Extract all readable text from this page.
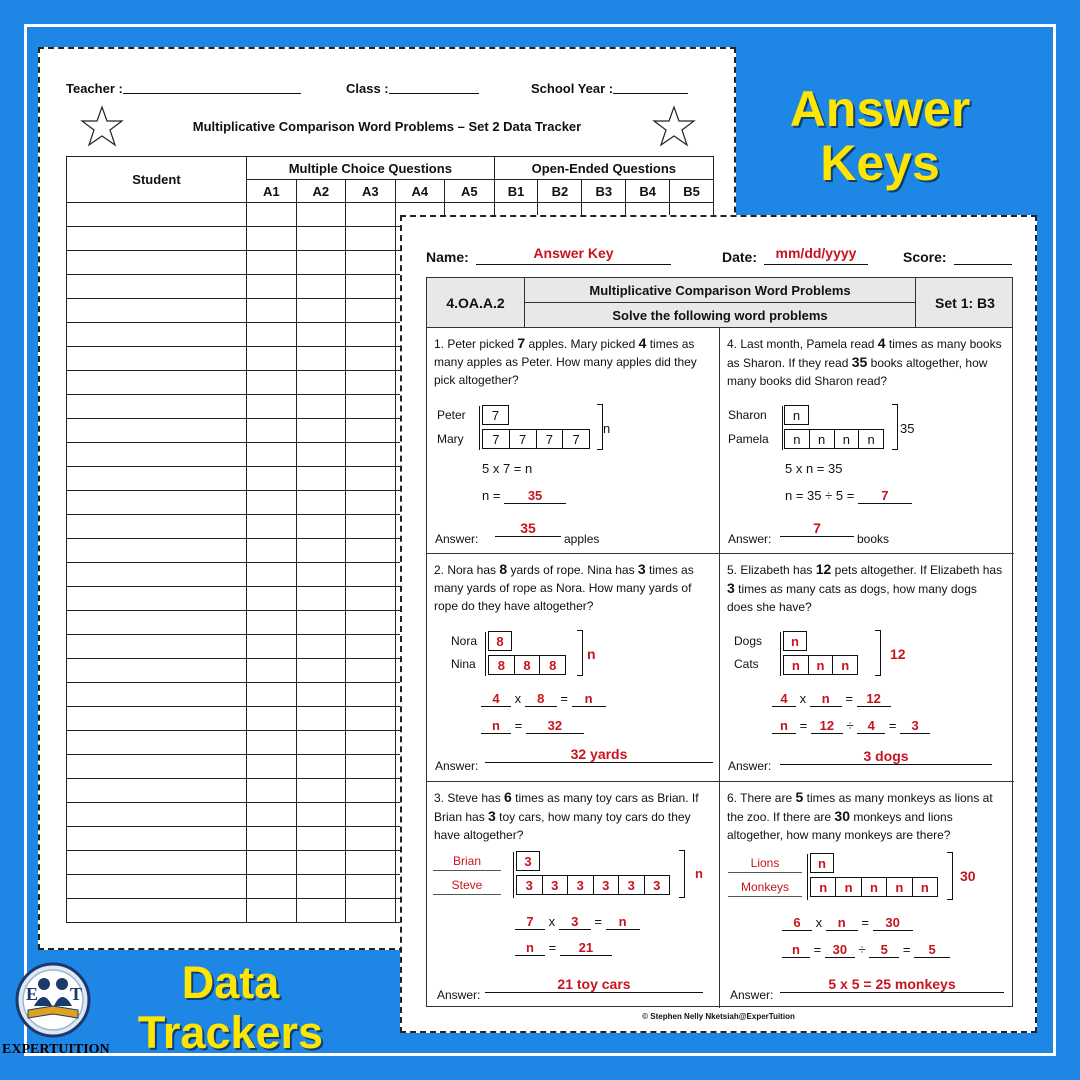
Teacher :	Class :	School Year :
Multiplicative Comparison Word Problems – Set 2 Data Tracker
Student	Multiple Choice Questions					Open-Ended Questions				
	A1	A2	A3	A4	A5	B1	B2	B3	B4	B5

Answer Keys
Name:	Answer Key	Date:	mm/dd/yyyy	Score:
4.OA.A.2
Multiplicative Comparison Word Problems
Solve the following word problems
Set 1: B3
1. Peter picked 7 apples. Mary picked 4 times as many apples as Peter. How many apples did they pick altogether?
Peter
Mary
7
7	7	7	7
n
5 x 7 = n
n = 35
Answer:
35
apples
4. Last month, Pamela read 4 times as many books as Sharon. If they read 35 books altogether, how many books did Sharon read?
Sharon
Pamela
n
n	n	n	n
35
5 x n = 35
n = 35 ÷ 5 = 7
Answer:
7
books
2. Nora has 8 yards of rope. Nina has 3 times as many yards of rope as Nora. How many yards of rope do they have altogether?
Nora
Nina
8
8	8	8
n
4 x 8 = n
n = 32
Answer:
32 yards
5. Elizabeth has 12 pets altogether. If Elizabeth has 3 times as many cats as dogs, how many dogs does she have?
Dogs
Cats
n
n	n	n
12
4 x n = 12
n = 12 ÷ 4 = 3
Answer:
3 dogs
3. Steve has 6 times as many toy cars as Brian. If Brian has 3 toy cars, how many toy cars do they have altogether?
Brian
Steve
3
3	3	3	3	3	3
n
7 x 3 = n
n = 21
Answer:
21 toy cars
6. There are 5 times as many monkeys as lions at the zoo. If there are 30 monkeys and lions altogether, how many monkeys are there?
Lions
Monkeys
n
n	n	n	n	n
30
6 x n = 30
n = 30 ÷ 5 = 5
Answer:
5 x 5 = 25 monkeys
© Stephen Nelly Nketsiah@ExperTuition
Data Trackers
E T
EXPERTUITION
